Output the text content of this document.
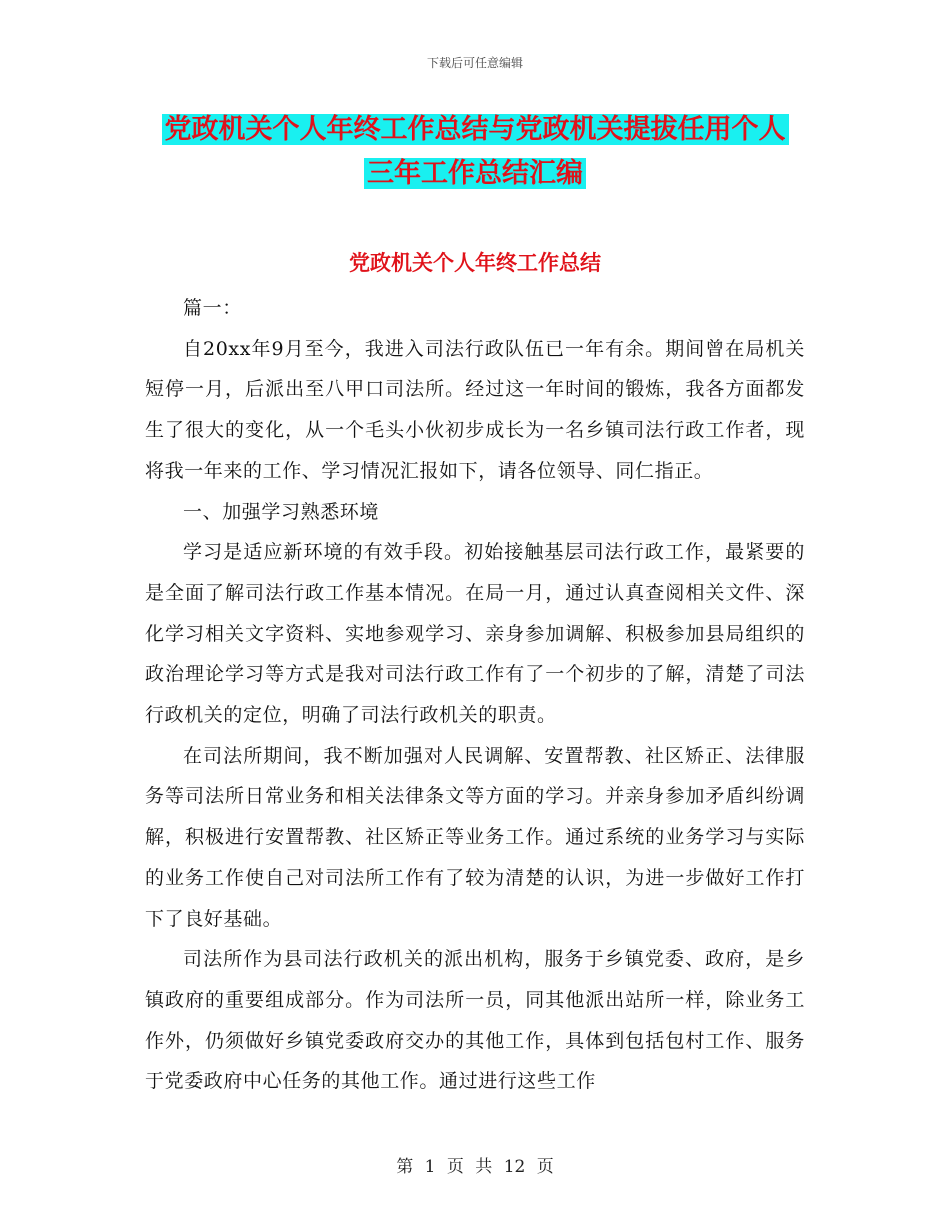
下载后可任意编辑
党政机关个人年终工作总结与党政机关提拔任用个人
三年工作总结汇编
党政机关个人年终工作总结

篇一：

自20xx年9月至今，我进入司法行政队伍已一年有余。期间曾在局机关短停一月，后派出至八甲口司法所。经过这一年时间的锻炼，我各方面都发生了很大的变化，从一个毛头小伙初步成长为一名乡镇司法行政工作者，现将我一年来的工作、学习情况汇报如下，请各位领导、同仁指正。

一、加强学习熟悉环境

学习是适应新环境的有效手段。初始接触基层司法行政工作，最紧要的是全面了解司法行政工作基本情况。在局一月，通过认真查阅相关文件、深化学习相关文字资料、实地参观学习、亲身参加调解、积极参加县局组织的政治理论学习等方式是我对司法行政工作有了一个初步的了解，清楚了司法行政机关的定位，明确了司法行政机关的职责。

在司法所期间，我不断加强对人民调解、安置帮教、社区矫正、法律服务等司法所日常业务和相关法律条文等方面的学习。并亲身参加矛盾纠纷调解，积极进行安置帮教、社区矫正等业务工作。通过系统的业务学习与实际的业务工作使自己对司法所工作有了较为清楚的认识，为进一步做好工作打下了良好基础。

司法所作为县司法行政机关的派出机构，服务于乡镇党委、政府，是乡镇政府的重要组成部分。作为司法所一员，同其他派出站所一样，除业务工作外，仍须做好乡镇党委政府交办的其他工作，具体到包括包村工作、服务于党委政府中心任务的其他工作。通过进行这些工作

第 1 页 共 12 页
